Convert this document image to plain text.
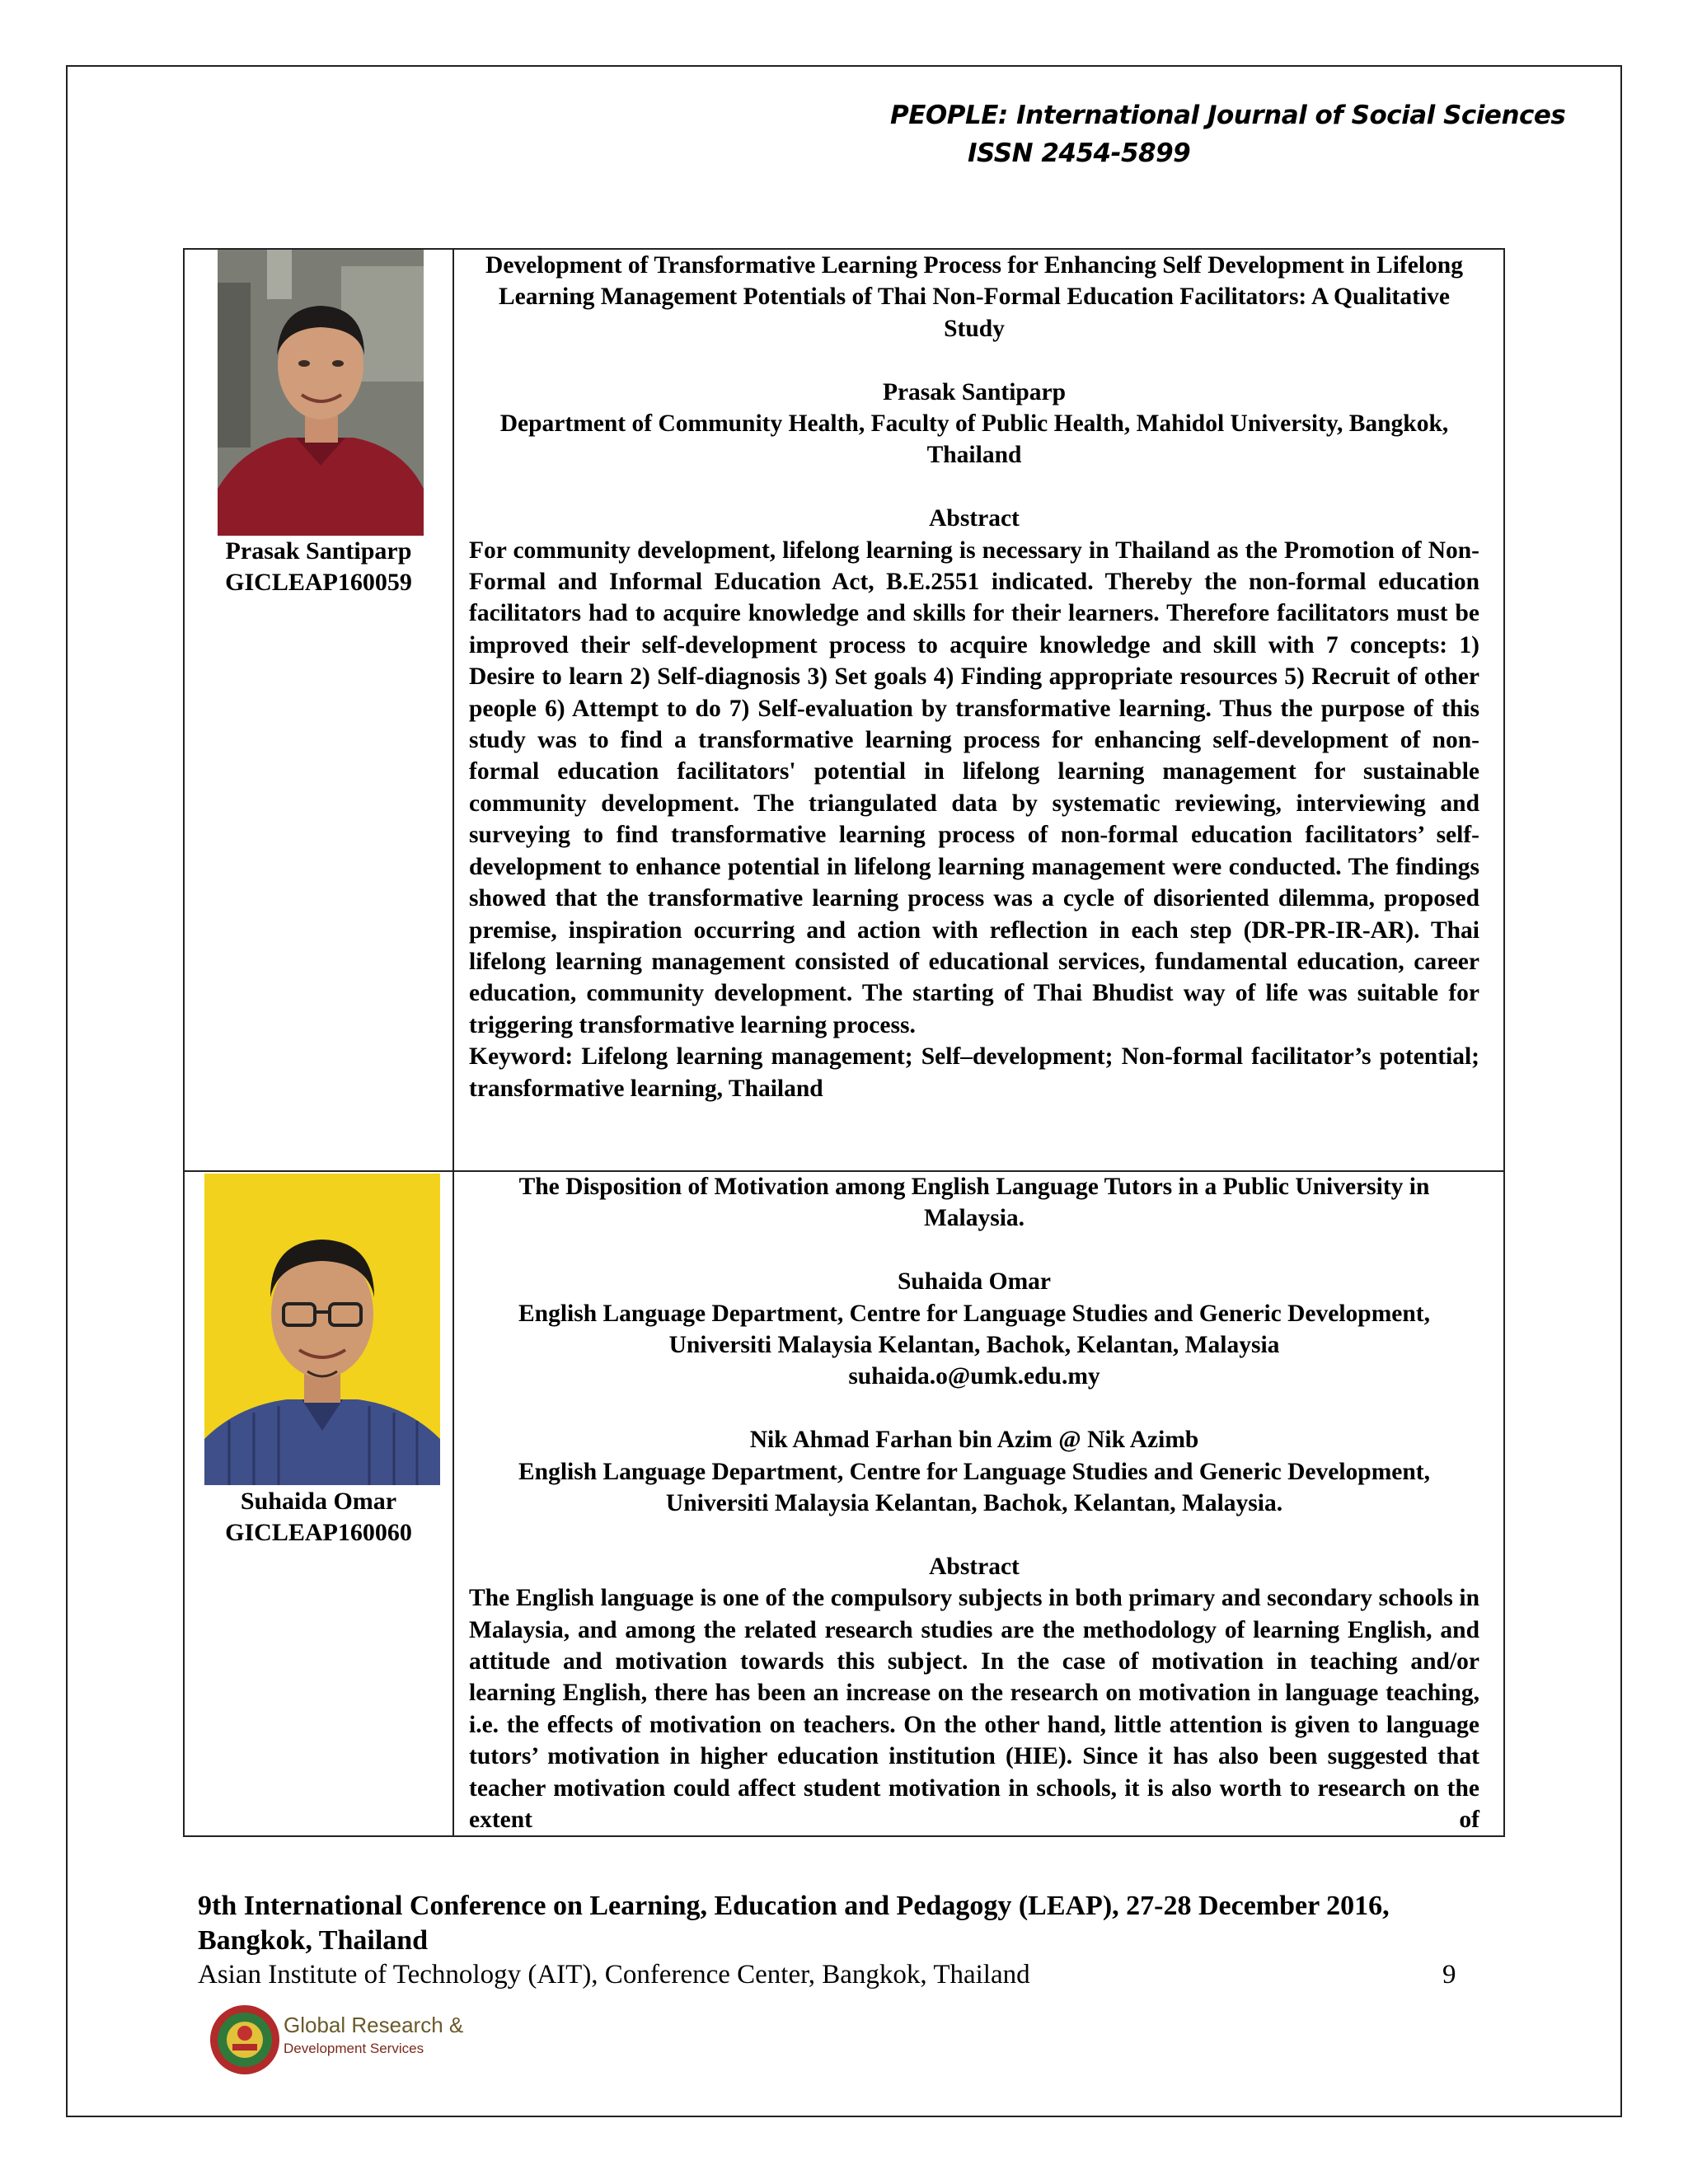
PEOPLE: International Journal of Social Sciences
ISSN 2454-5899
Prasak Santiparp
GICLEAP160059

Development of Transformative Learning Process for Enhancing Self Development in Lifelong Learning Management Potentials of Thai Non-Formal Education Facilitators: A Qualitative Study

Prasak Santiparp

Department of Community Health, Faculty of Public Health, Mahidol University, Bangkok, Thailand

Abstract

For community development, lifelong learning is necessary in Thailand as the Promotion of Non-Formal and Informal Education Act, B.E.2551 indicated. Thereby the non-formal education facilitators had to acquire knowledge and skills for their learners. Therefore facilitators must be improved their self-development process to acquire knowledge and skill with 7 concepts: 1) Desire to learn 2) Self-diagnosis 3) Set goals 4) Finding appropriate resources 5) Recruit of other people 6) Attempt to do 7) Self-evaluation by transformative learning. Thus the purpose of this study was to find a transformative learning process for enhancing self-development of non-formal education facilitators' potential in lifelong learning management for sustainable community development. The triangulated data by systematic reviewing, interviewing and surveying to find transformative learning process of non-formal education facilitators’ self-development to enhance potential in lifelong learning management were conducted. The findings showed that the transformative learning process was a cycle of disoriented dilemma, proposed premise, inspiration occurring and action with reflection in each step (DR-PR-IR-AR). Thai lifelong learning management consisted of educational services, fundamental education, career education, community development. The starting of Thai Bhudist way of life was suitable for triggering transformative learning process.

Keyword: Lifelong learning management; Self–development; Non-formal facilitator’s potential; transformative learning, Thailand

Suhaida Omar
GICLEAP160060

The Disposition of Motivation among English Language Tutors in a Public University in Malaysia.

Suhaida Omar

English Language Department, Centre for Language Studies and Generic Development, Universiti Malaysia Kelantan, Bachok, Kelantan, Malaysia

suhaida.o@umk.edu.my

Nik Ahmad Farhan bin Azim @ Nik Azimb

English Language Department, Centre for Language Studies and Generic Development, Universiti Malaysia Kelantan, Bachok, Kelantan, Malaysia.

Abstract

The English language is one of the compulsory subjects in both primary and secondary schools in Malaysia, and among the related research studies are the methodology of learning English, and attitude and motivation towards this subject. In the case of motivation in teaching and/or learning English, there has been an increase on the research on motivation in language teaching, i.e. the effects of motivation on teachers. On the other hand, little attention is given to language tutors’ motivation in higher education institution (HIE). Since it has also been suggested that teacher motivation could affect student motivation in schools, it is also worth to research on the extent of

9th International Conference on Learning, Education and Pedagogy (LEAP), 27-28 December 2016, Bangkok, Thailand
Asian Institute of Technology (AIT), Conference Center, Bangkok, Thailand	9
Global Research &
Development Services
